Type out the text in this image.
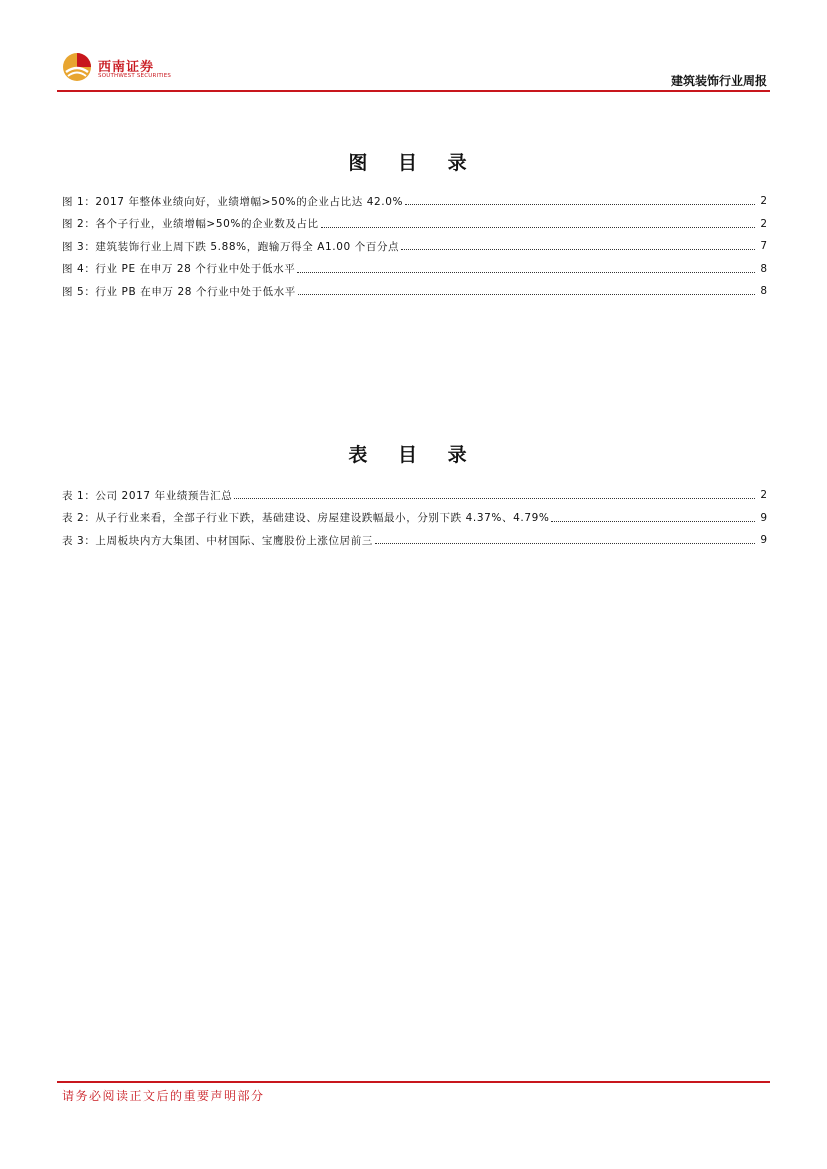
西南证券
SOUTHWEST SECURITIES	建筑装饰行业周报
图 目 录
图 1：2017 年整体业绩向好，业绩增幅>50%的企业占比达 42.0%	2
图 2：各个子行业，业绩增幅>50%的企业数及占比	2
图 3：建筑装饰行业上周下跌 5.88%，跑输万得全 A1.00 个百分点	7
图 4：行业 PE 在申万 28 个行业中处于低水平	8
图 5：行业 PB 在申万 28 个行业中处于低水平	8
表 目 录
表 1：公司 2017 年业绩预告汇总	2
表 2：从子行业来看，全部子行业下跌，基础建设、房屋建设跌幅最小，分别下跌 4.37%、4.79%	9
表 3：上周板块内方大集团、中材国际、宝鹰股份上涨位居前三	9
请务必阅读正文后的重要声明部分
